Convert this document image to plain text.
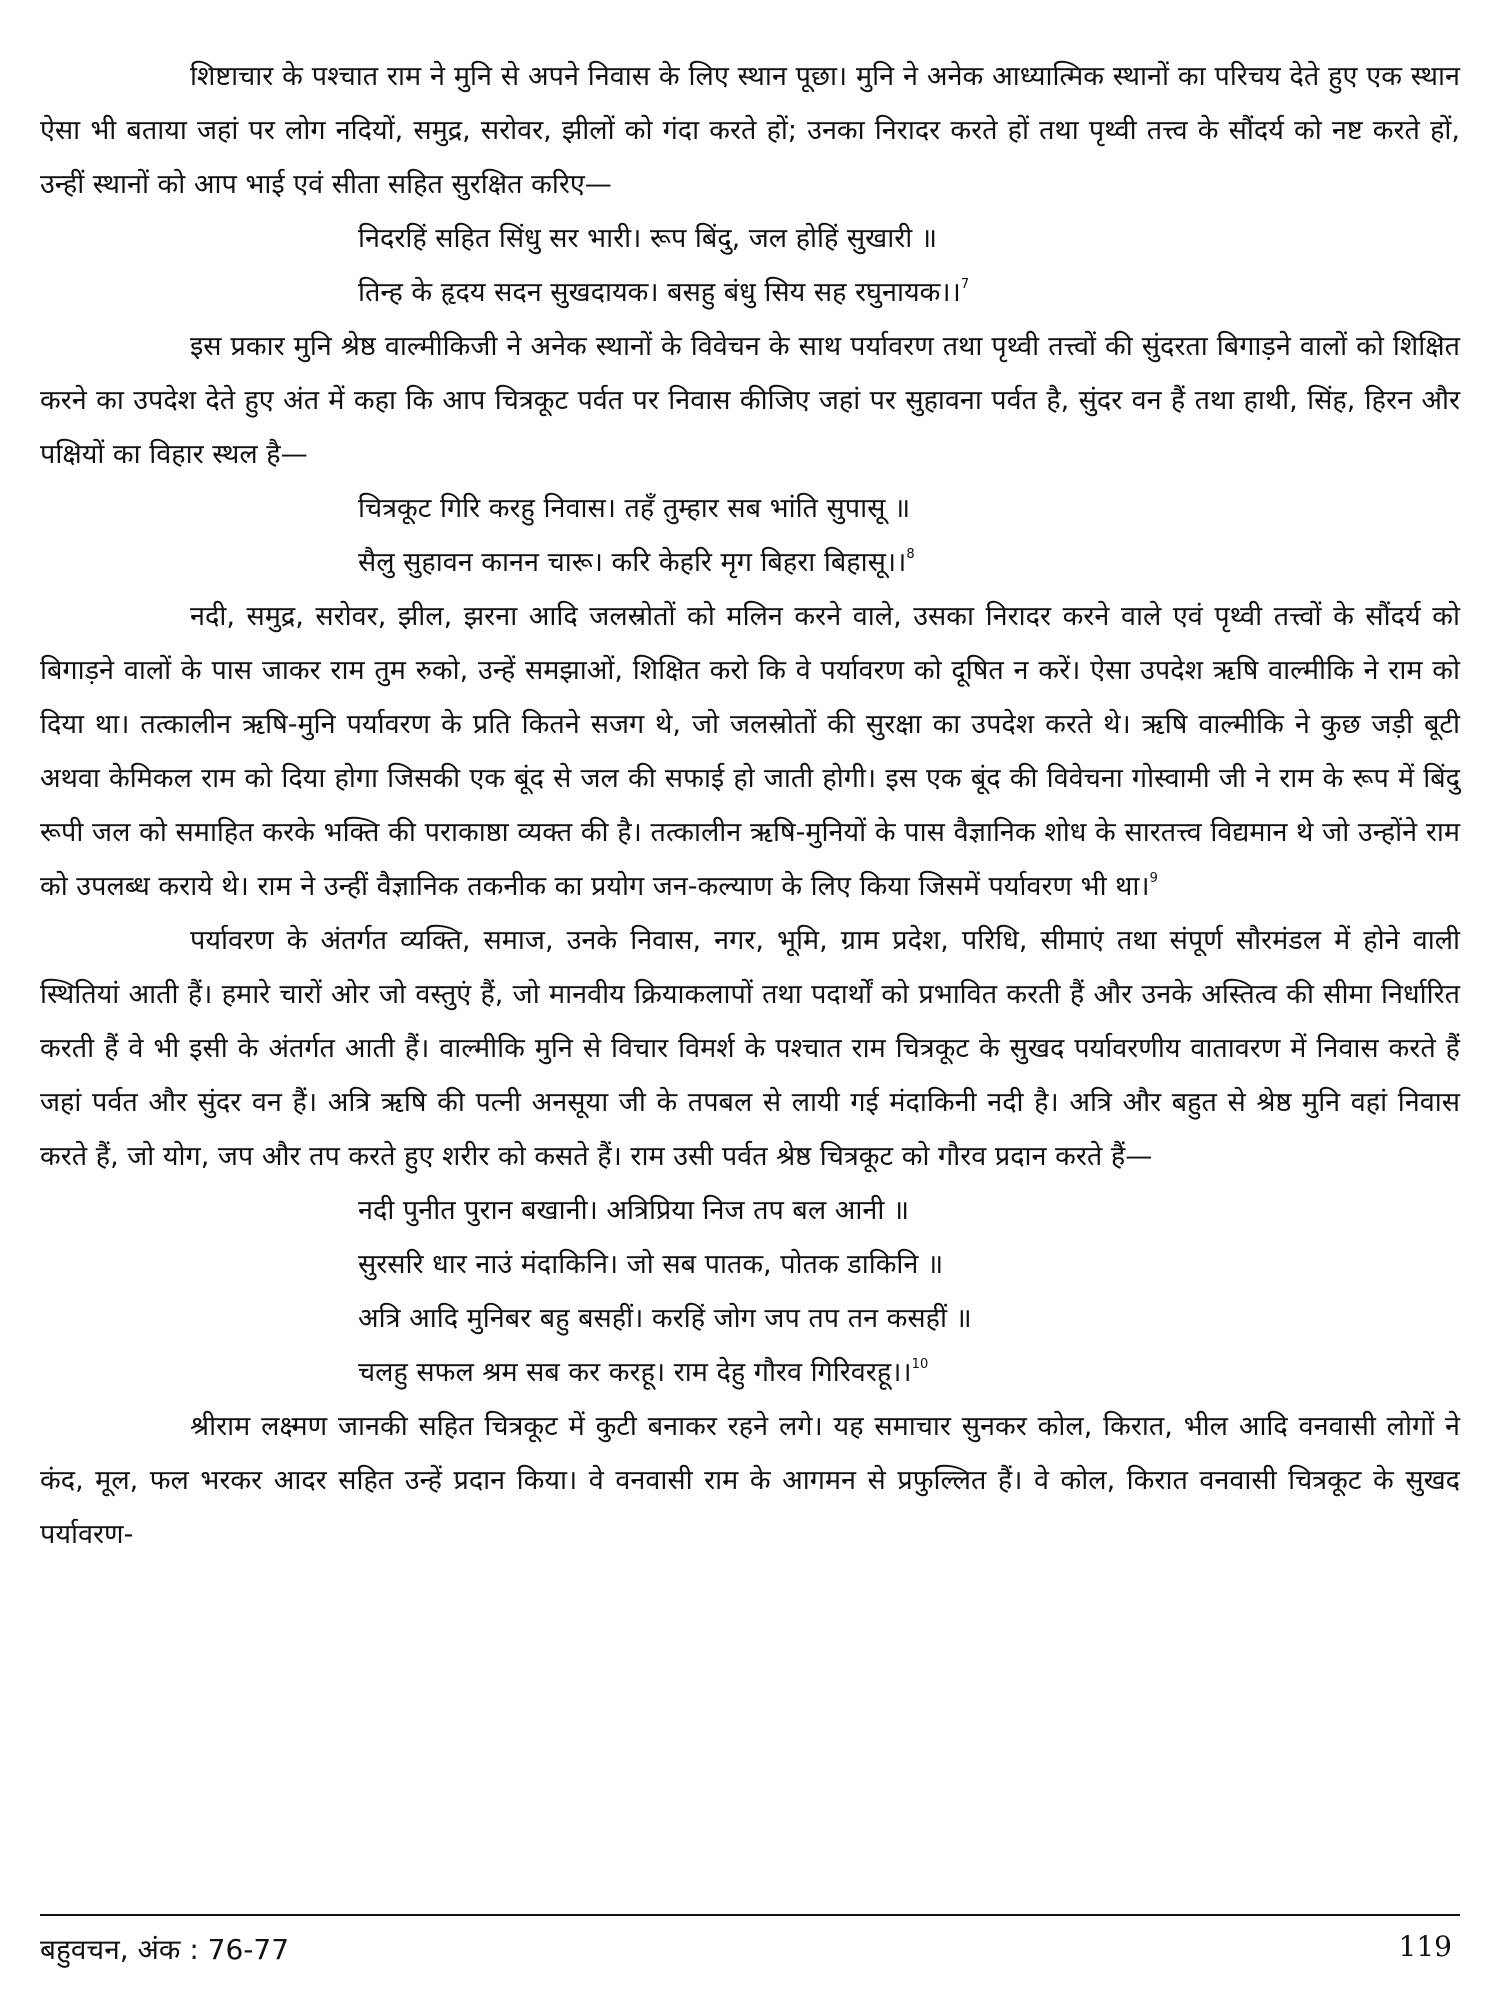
शिष्टाचार के पश्चात राम ने मुनि से अपने निवास के लिए स्थान पूछा। मुनि ने अनेक आध्यात्मिक स्थानों का परिचय देते हुए एक स्थान ऐसा भी बताया जहां पर लोग नदियों, समुद्र, सरोवर, झीलों को गंदा करते हों; उनका निरादर करते हों तथा पृथ्वी तत्त्व के सौंदर्य को नष्ट करते हों, उन्हीं स्थानों को आप भाई एवं सीता सहित सुरक्षित करिए—

निदरहिं सहित सिंधु सर भारी। रूप बिंदु, जल होहिं सुखारी ॥

तिन्ह के हृदय सदन सुखदायक। बसहु बंधु सिय सह रघुनायक।।$^7$

इस प्रकार मुनि श्रेष्ठ वाल्मीकिजी ने अनेक स्थानों के विवेचन के साथ पर्यावरण तथा पृथ्वी तत्त्वों की सुंदरता बिगाड़ने वालों को शिक्षित करने का उपदेश देते हुए अंत में कहा कि आप चित्रकूट पर्वत पर निवास कीजिए जहां पर सुहावना पर्वत है, सुंदर वन हैं तथा हाथी, सिंह, हिरन और पक्षियों का विहार स्थल है—

चित्रकूट गिरि करहु निवास। तहँ तुम्हार सब भांति सुपासू ॥

सैलु सुहावन कानन चारू। करि केहरि मृग बिहरा बिहासू।।$^8$

नदी, समुद्र, सरोवर, झील, झरना आदि जलस्रोतों को मलिन करने वाले, उसका निरादर करने वाले एवं पृथ्वी तत्त्वों के सौंदर्य को बिगाड़ने वालों के पास जाकर राम तुम रुको, उन्हें समझाओं, शिक्षित करो कि वे पर्यावरण को दूषित न करें। ऐसा उपदेश ऋषि वाल्मीकि ने राम को दिया था। तत्कालीन ऋषि-मुनि पर्यावरण के प्रति कितने सजग थे, जो जलस्रोतों की सुरक्षा का उपदेश करते थे। ऋषि वाल्मीकि ने कुछ जड़ी बूटी अथवा केमिकल राम को दिया होगा जिसकी एक बूंद से जल की सफाई हो जाती होगी। इस एक बूंद की विवेचना गोस्वामी जी ने राम के रूप में बिंदु रूपी जल को समाहित करके भक्ति की पराकाष्ठा व्यक्त की है। तत्कालीन ऋषि-मुनियों के पास वैज्ञानिक शोध के सारतत्त्व विद्यमान थे जो उन्होंने राम को उपलब्ध कराये थे। राम ने उन्हीं वैज्ञानिक तकनीक का प्रयोग जन-कल्याण के लिए किया जिसमें पर्यावरण भी था।$^9$

पर्यावरण के अंतर्गत व्यक्ति, समाज, उनके निवास, नगर, भूमि, ग्राम प्रदेश, परिधि, सीमाएं तथा संपूर्ण सौरमंडल में होने वाली स्थितियां आती हैं। हमारे चारों ओर जो वस्तुएं हैं, जो मानवीय क्रियाकलापों तथा पदार्थों को प्रभावित करती हैं और उनके अस्तित्व की सीमा निर्धारित करती हैं वे भी इसी के अंतर्गत आती हैं। वाल्मीकि मुनि से विचार विमर्श के पश्चात राम चित्रकूट के सुखद पर्यावरणीय वातावरण में निवास करते हैं जहां पर्वत और सुंदर वन हैं। अत्रि ऋषि की पत्नी अनसूया जी के तपबल से लायी गई मंदाकिनी नदी है। अत्रि और बहुत से श्रेष्ठ मुनि वहां निवास करते हैं, जो योग, जप और तप करते हुए शरीर को कसते हैं। राम उसी पर्वत श्रेष्ठ चित्रकूट को गौरव प्रदान करते हैं—

नदी पुनीत पुरान बखानी। अत्रिप्रिया निज तप बल आनी ॥

सुरसरि धार नाउं मंदाकिनि। जो सब पातक, पोतक डाकिनि ॥

अत्रि आदि मुनिबर बहु बसहीं। करहिं जोग जप तप तन कसहीं ॥

चलहु सफल श्रम सब कर करहू। राम देहु गौरव गिरिवरहू।।$^{10}$

श्रीराम लक्ष्मण जानकी सहित चित्रकूट में कुटी बनाकर रहने लगे। यह समाचार सुनकर कोल, किरात, भील आदि वनवासी लोगों ने कंद, मूल, फल भरकर आदर सहित उन्हें प्रदान किया। वे वनवासी राम के आगमन से प्रफुल्लित हैं। वे कोल, किरात वनवासी चित्रकूट के सुखद पर्यावरण-

बहुवचन, अंक : 76-77	119
